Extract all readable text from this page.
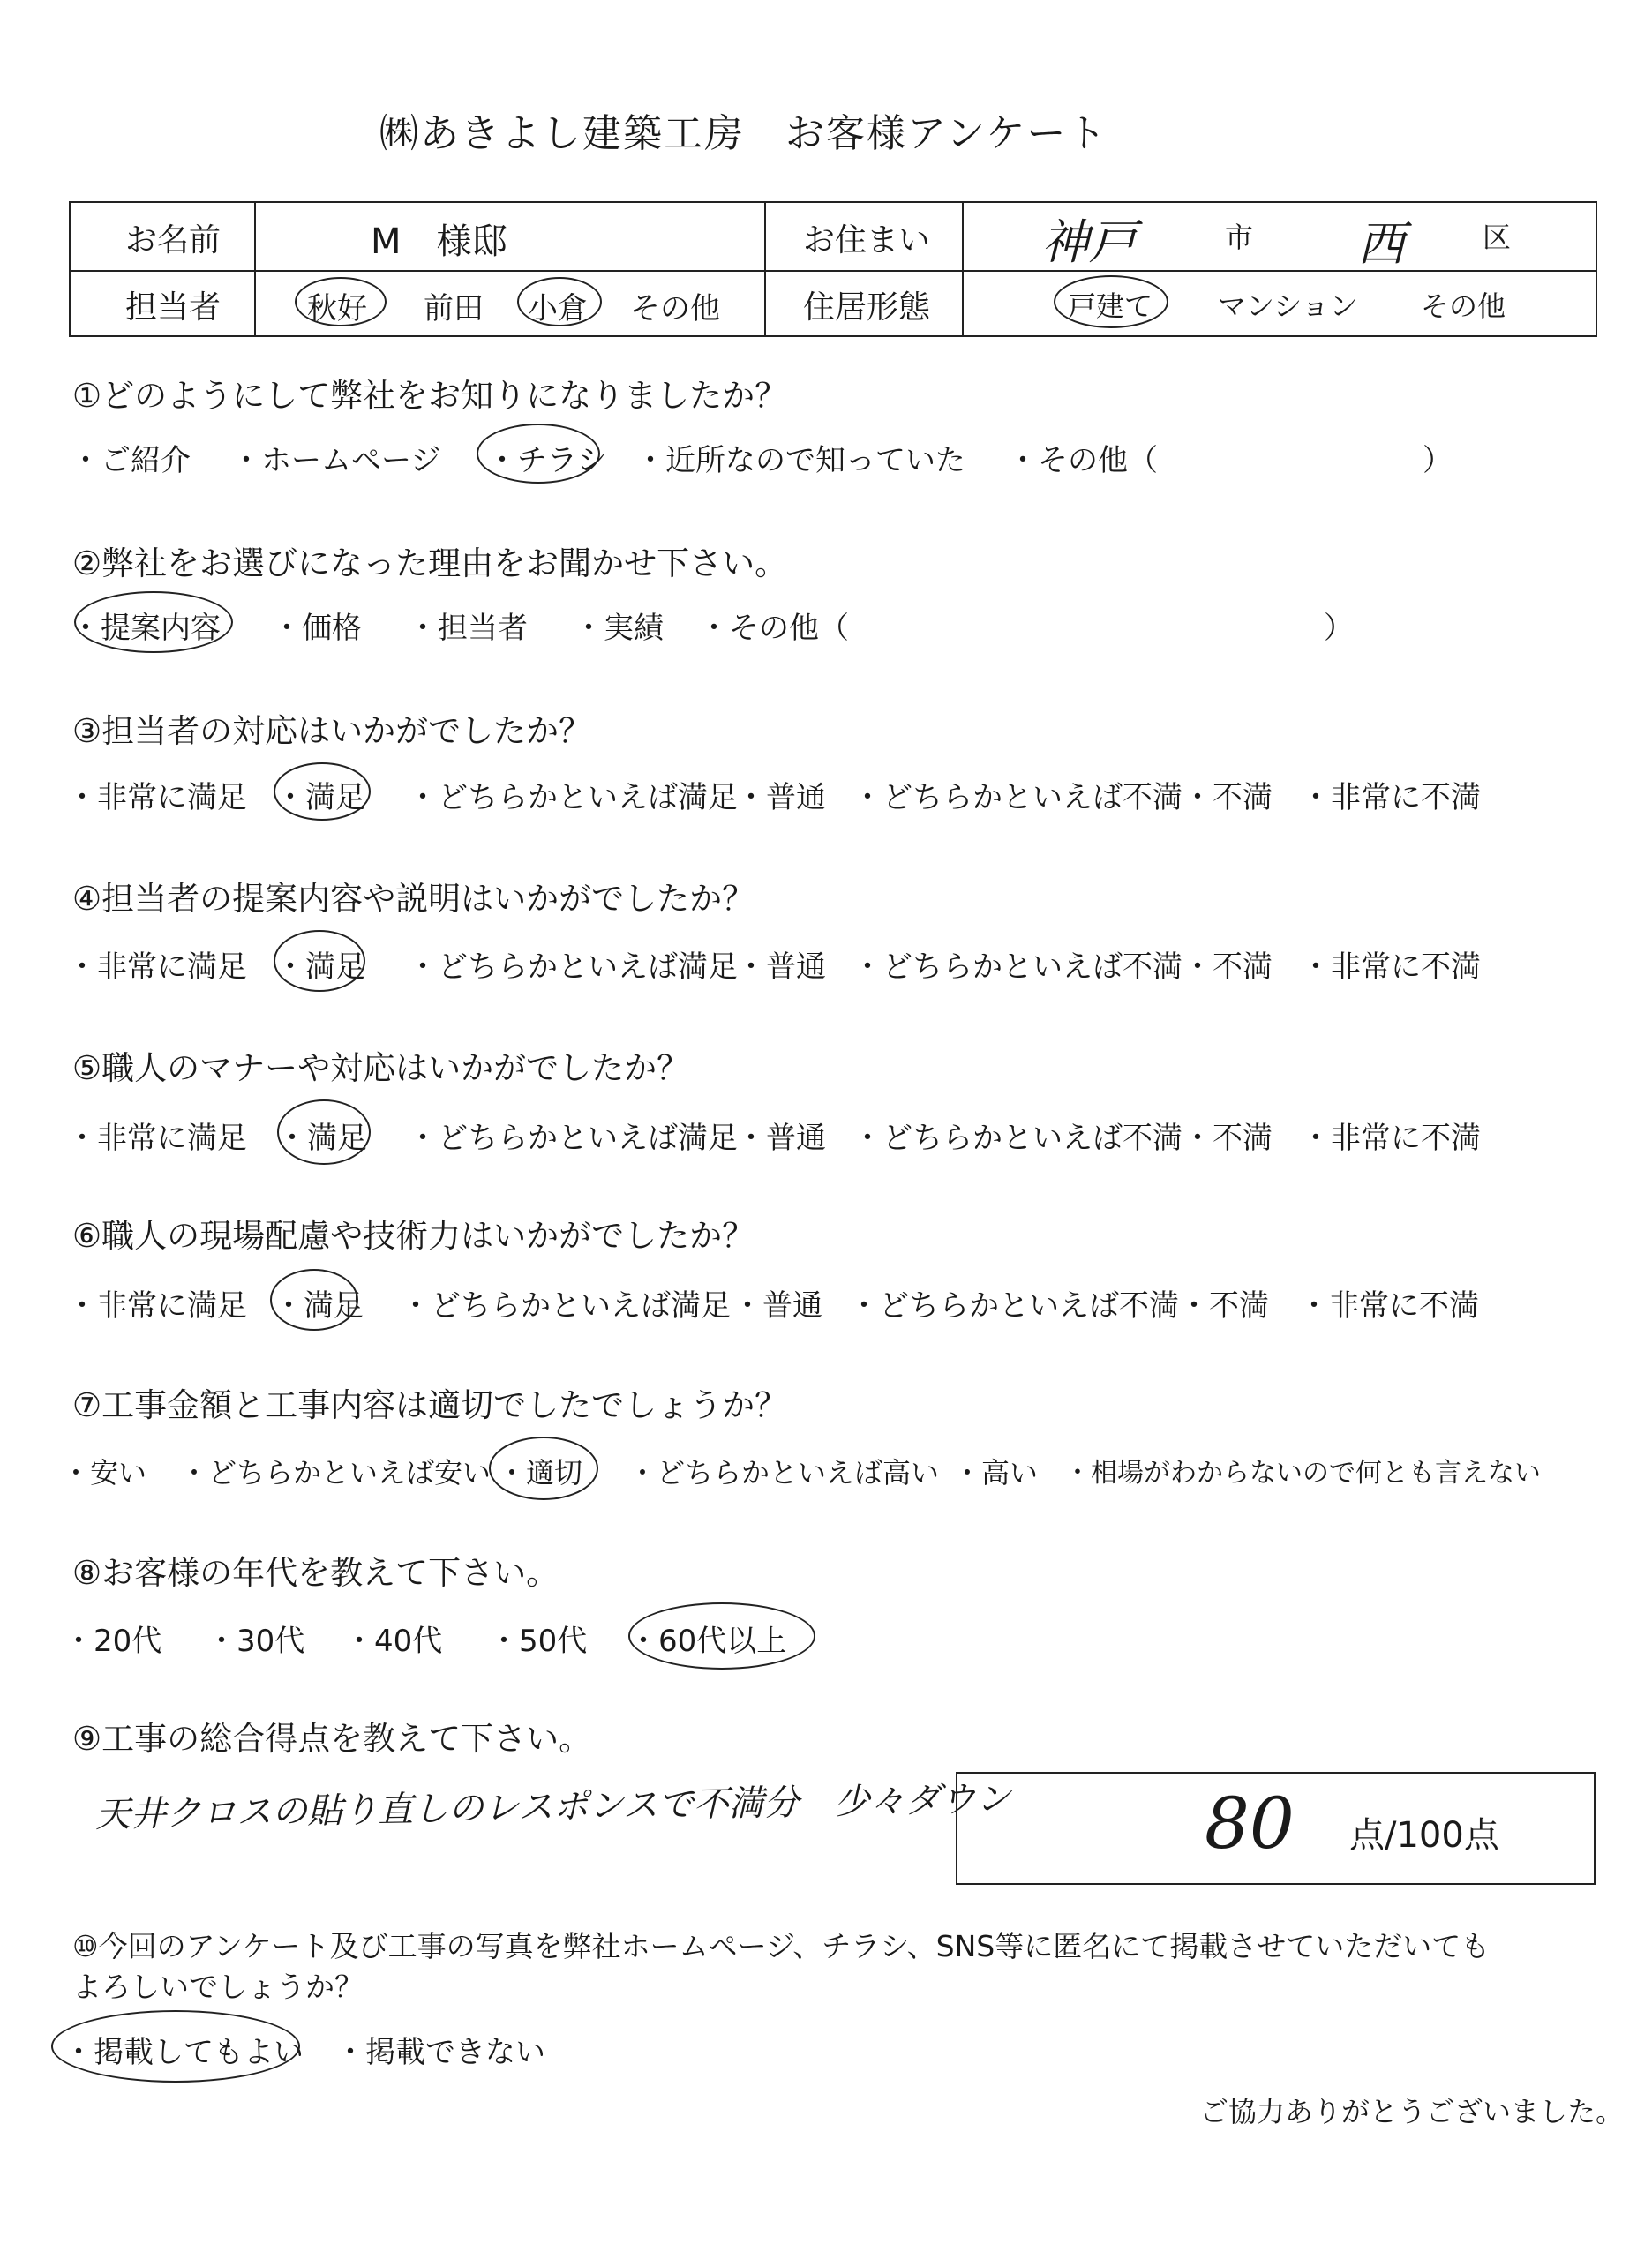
㈱あきよし建築工房　お客様アンケート
お名前	M　様邸	お住まい 神戸	市 西	区
担当者	秋好 前田 小倉 その他	住居形態	戸建て マンション その他
①どのようにして弊社をお知りになりましたか？
・ご紹介 ・ホームページ ・チラシ ・近所なので知っていた ・その他（	）
②弊社をお選びになった理由をお聞かせ下さい。
・提案内容 ・価格 ・担当者 ・実績 ・その他（	）
③担当者の対応はいかがでしたか？
・非常に満足 ・満足 ・どちらかといえば満足
・普通 ・どちらかといえば不満 ・不満 ・非常に不満
④担当者の提案内容や説明はいかがでしたか？
・非常に満足 ・満足 ・どちらかといえば満足
・普通 ・どちらかといえば不満 ・不満 ・非常に不満
⑤職人のマナーや対応はいかがでしたか？
・非常に満足 ・満足 ・どちらかといえば満足
・普通 ・どちらかといえば不満 ・不満 ・非常に不満
⑥職人の現場配慮や技術力はいかがでしたか？
・非常に満足 ・満足 ・どちらかといえば満足 ・普通 ・どちらかといえば不満 ・不満 ・非常に不満
⑦工事金額と工事内容は適切でしたでしょうか？
・安い ・どちらかといえば安い ・適切 ・どちらかといえば高い ・高い ・相場がわからないので何とも言えない
⑧お客様の年代を教えて下さい。
・20代 ・30代 ・40代 ・50代 ・60代以上
⑨工事の総合得点を教えて下さい。
天井クロスの貼り直しのレスポンスで不満分　少々ダウン	80 点/100点
⑩今回のアンケート及び工事の写真を弊社ホームページ、チラシ、SNS等に匿名にて掲載させていただいても
よろしいでしょうか？
・掲載してもよい ・掲載できない
ご協力ありがとうございました。
